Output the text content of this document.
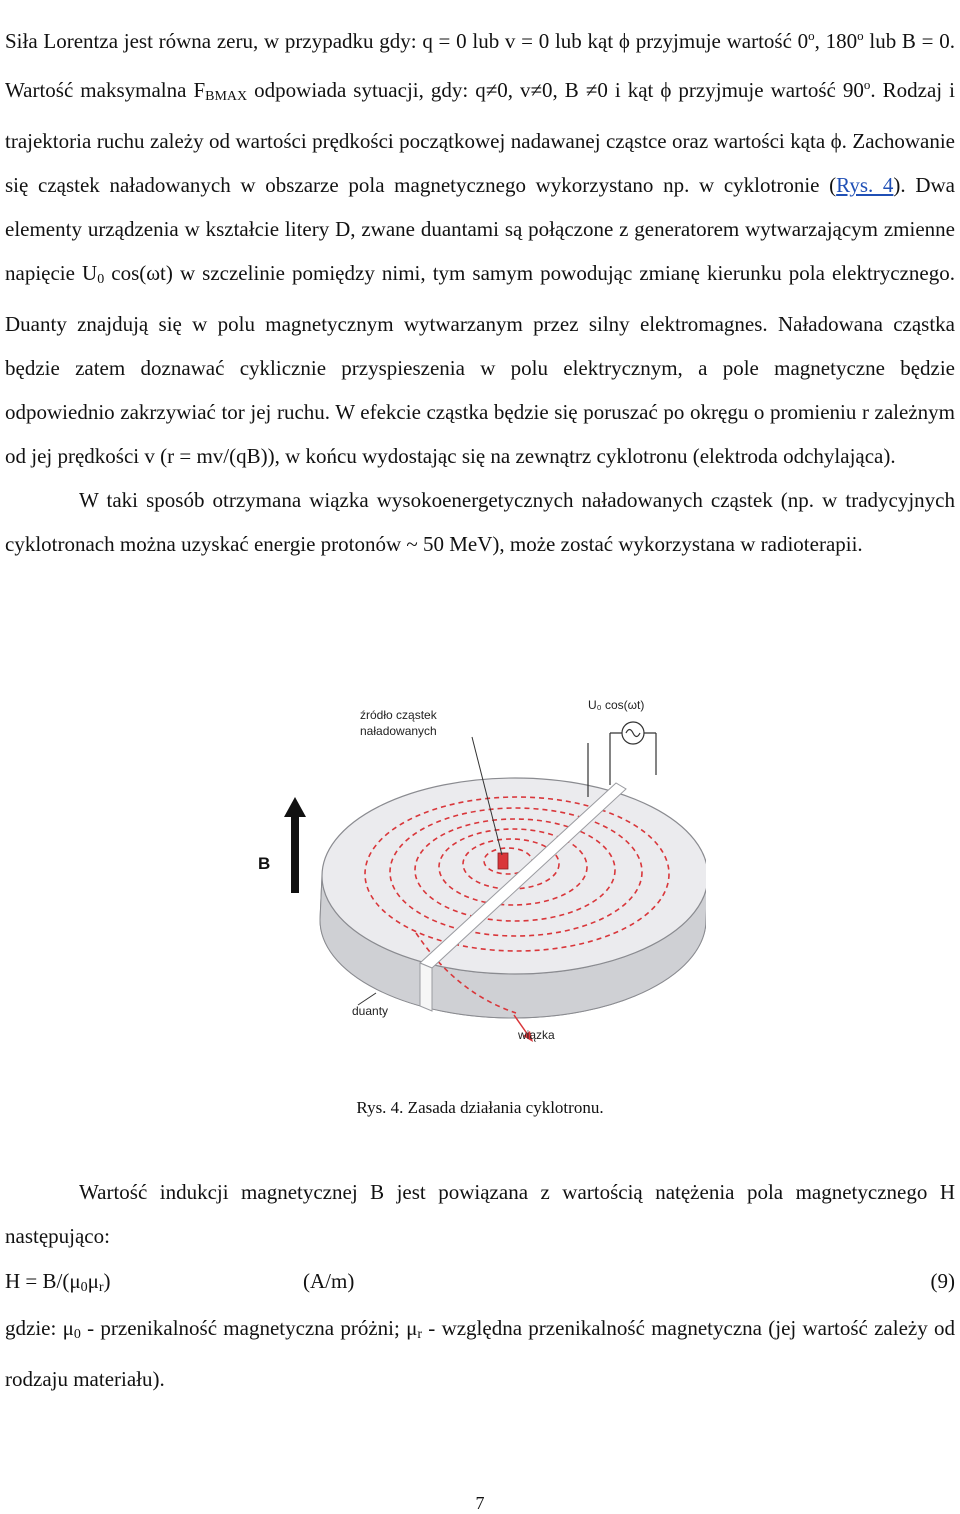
Siła Lorentza jest równa zeru, w przypadku gdy: q = 0 lub v = 0 lub kąt ϕ przyjmuje wartość 0$^o$, 180$^o$ lub B = 0. Wartość maksymalna $F_{BMAX}$ odpowiada sytuacji, gdy: q≠0, v≠0, B ≠0 i kąt ϕ przyjmuje wartość 90$^o$. Rodzaj i trajektoria ruchu zależy od wartości prędkości początkowej nadawanej cząstce oraz wartości kąta ϕ. Zachowanie się cząstek naładowanych w obszarze pola magnetycznego wykorzystano np. w cyklotronie (Rys. 4). Dwa elementy urządzenia w kształcie litery D, zwane duantami są połączone z generatorem wytwarzającym zmienne napięcie $U_0$ cos(ωt) w szczelinie pomiędzy nimi, tym samym powodując zmianę kierunku pola elektrycznego. Duanty znajdują się w polu magnetycznym wytwarzanym przez silny elektromagnes. Naładowana cząstka będzie zatem doznawać cyklicznie przyspieszenia w polu elektrycznym, a pole magnetyczne będzie odpowiednio zakrzywiać tor jej ruchu. W efekcie cząstka będzie się poruszać po okręgu o promieniu r zależnym od jej prędkości v (r = mv/(qB)), w końcu wydostając się na zewnątrz cyklotronu (elektroda odchylająca).
W taki sposób otrzymana wiązka wysokoenergetycznych naładowanych cząstek (np. w tradycyjnych cyklotronach można uzyskać energie protonów ~ 50 MeV), może zostać wykorzystana w radioterapii.
B
źródło cząstek
naładowanych
U₀ cos(ωt)
duanty
wiązka
Rys. 4. Zasada działania cyklotronu.
Wartość indukcji magnetycznej B jest powiązana z wartością natężenia pola magnetycznego H następująco:
$H = B/(\mu_0\mu_r)$	(A/m)	(9)
gdzie: $\mu_0$ - przenikalność magnetyczna próżni; $\mu_r$ - względna przenikalność magnetyczna (jej wartość zależy od rodzaju materiału).
7
